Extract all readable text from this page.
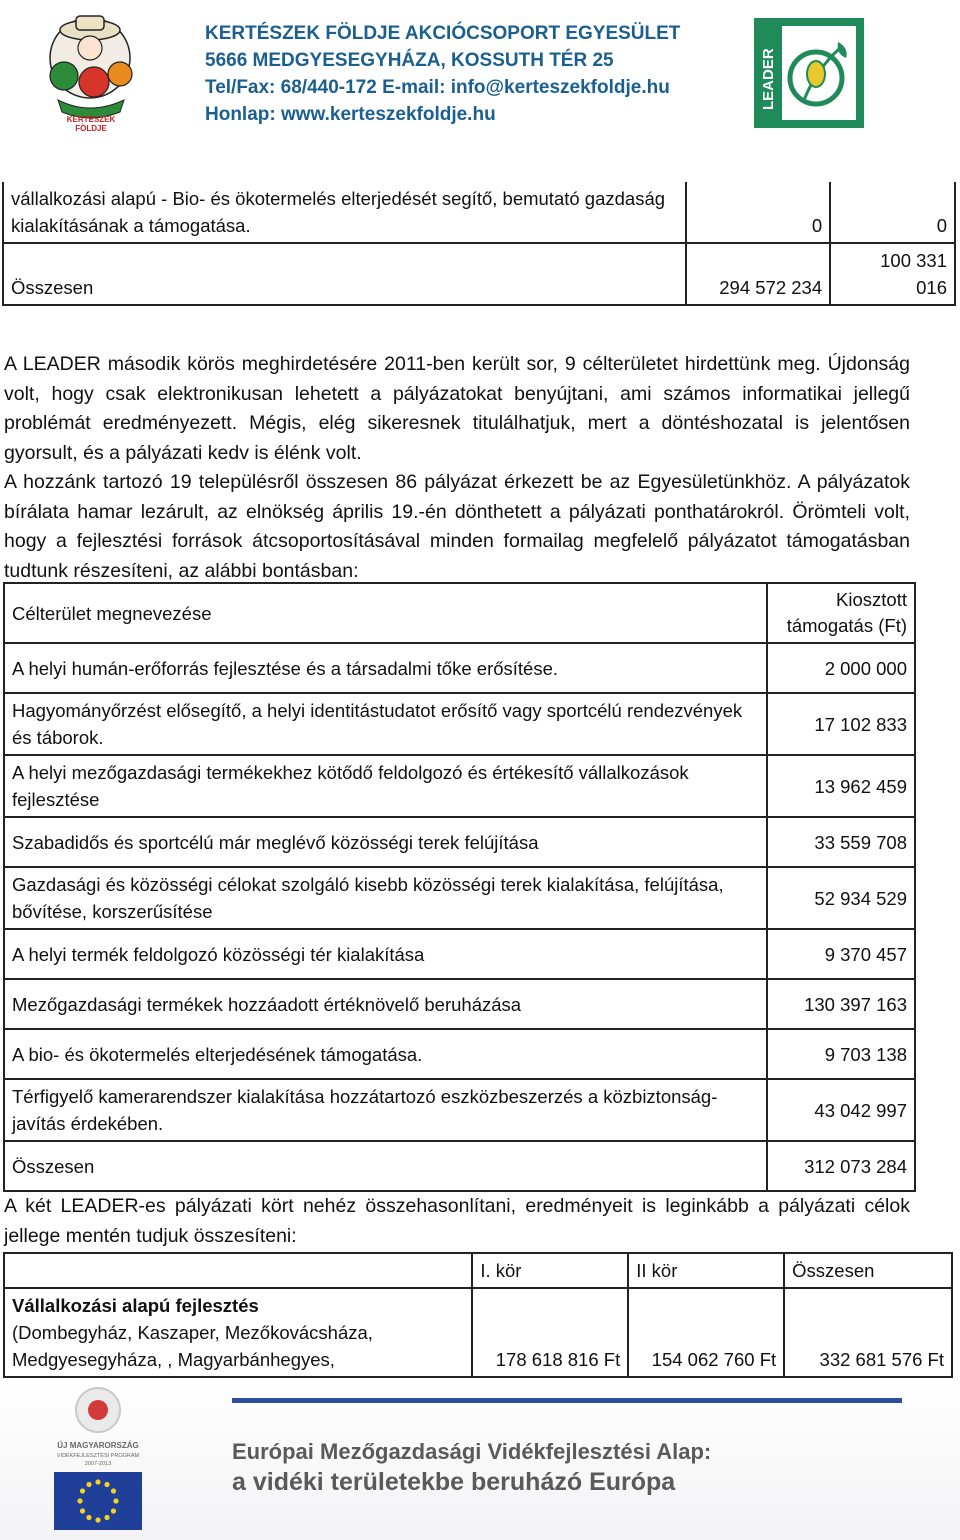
KERTÉSZEK
FÖLDJE
KERTÉSZEK FÖLDJE AKCIÓCSOPORT EGYESÜLET
5666 MEDGYESEGYHÁZA, KOSSUTH TÉR 25
Tel/Fax: 68/440-172 E-mail: info@kerteszekfoldje.hu
Honlap: www.kerteszekfoldje.hu
LEADER
vállalkozási alapú - Bio- és ökotermelés elterjedését segítő, bemutató gazdaság kialakításának a támogatása.	0	0
Összesen	294 572 234	100 331 016

A LEADER második körös meghirdetésére 2011-ben került sor, 9 célterületet hirdettünk meg. Újdonság volt, hogy csak elektronikusan lehetett a pályázatokat benyújtani, ami számos informatikai jellegű problémát eredményezett. Mégis, elég sikeresnek titulálhatjuk, mert a döntéshozatal is jelentősen gyorsult, és a pályázati kedv is élénk volt.

A hozzánk tartozó 19 településről összesen 86 pályázat érkezett be az Egyesületünkhöz. A pályázatok bírálata hamar lezárult, az elnökség április 19.-én dönthetett a pályázati ponthatárokról. Örömteli volt, hogy a fejlesztési források átcsoportosításával minden formailag megfelelő pályázatot támogatásban tudtunk részesíteni, az alábbi bontásban:

Célterület megnevezése	Kiosztott támogatás (Ft)
A helyi humán-erőforrás fejlesztése és a társadalmi tőke erősítése.	2 000 000
Hagyományőrzést elősegítő, a helyi identitástudatot erősítő vagy sportcélú rendezvények és táborok.	17 102 833
A helyi mezőgazdasági termékekhez kötődő feldolgozó és értékesítő vállalkozások fejlesztése	13 962 459
Szabadidős és sportcélú már meglévő közösségi terek felújítása	33 559 708
Gazdasági és közösségi célokat szolgáló kisebb közösségi terek kialakítása, felújítása, bővítése, korszerűsítése	52 934 529
A helyi termék feldolgozó közösségi tér kialakítása	9 370 457
Mezőgazdasági termékek hozzáadott értéknövelő beruházása	130 397 163
A bio- és ökotermelés elterjedésének támogatása.	9 703 138
Térfigyelő kamerarendszer kialakítása hozzátartozó eszközbeszerzés a közbiztonság-javítás érdekében.	43 042 997
Összesen	312 073 284

A két LEADER-es pályázati kört nehéz összehasonlítani, eredményeit is leginkább a pályázati célok jellege mentén tudjuk összesíteni:

	I. kör	II kör	Összesen

Vállalkozási alapú fejlesztés
(Dombegyház, Kaszaper, Mezőkovácsháza, Medgyesegyháza, , Magyarbánhegyes,	178 618 816 Ft	154 062 760 Ft	332 681 576 Ft
ÚJ MAGYARORSZÁG
VIDÉKFEJLESZTÉSI PROGRAM
2007-2013	Európai Mezőgazdasági Vidékfejlesztési Alap:
a vidéki területekbe beruházó Európa
